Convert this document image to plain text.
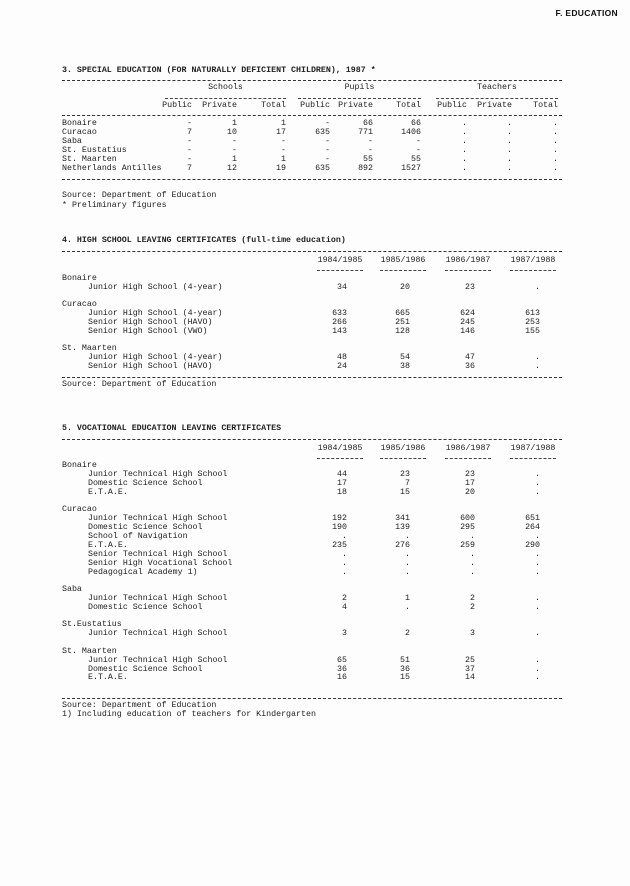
F. EDUCATION
3. SPECIAL EDUCATION (FOR NATURALLY DEFICIENT CHILDREN), 1987 *
Schools	Pupils	Teachers
Public	Private	Total	Public Private	Total	Public	Private	Total
Bonaire	-	1	1	-	66	66	.	.	.
Curacao	7	10	17	635	771	1406	.	.	.
Saba	-	-	-	-	-	-	.	.	.
St. Eustatius	-	-	-	-	-	-	.	.	.
St. Maarten	-	1	1	-	55	55	.	.	.
Netherlands Antilles	7	12	19	635	892	1527	.	.	.
Source: Department of Education
* Preliminary figures
4. HIGH SCHOOL LEAVING CERTIFICATES (full-time education)
1984/1985	1985/1986	1986/1987	1987/1988
Bonaire
Junior High School (4-year)	34	20	23	.
Curacao
Junior High School (4-year)	633	665	624	613
Senior High School (HAVO)	266	251	245	253
Senior High School (VWO)	143	128	146	155
St. Maarten
Junior High School (4-year)	48	54	47	.
Senior High School (HAVO)	24	38	36	.
Source: Department of Education
5. VOCATIONAL EDUCATION LEAVING CERTIFICATES
1984/1985	1985/1986	1986/1987	1987/1988
Bonaire
Junior Technical High School	44	23	23	.
Domestic Science School	17	7	17	.
E.T.A.E.	18	15	20	.
Curacao
Junior Technical High School	192	341	600	651
Domestic Science School	190	139	295	264
School of Navigation	.	.	.	.
E.T.A.E.	235	276	259	290
Senior Technical High School	.	.	.	.
Senior High Vocational School	.	.	.	.
Pedagogical Academy 1)	.	.	.	.
Saba
Junior Technical High School	2	1	2	.
Domestic Science School	4	.	2	.
St.Eustatius
Junior Technical High School	3	2	3	.
St. Maarten
Junior Technical High School	65	51	25	.
Domestic Science School	36	36	37	.
E.T.A.E.	16	15	14	.
Source: Department of Education
1) Including education of teachers for Kindergarten
